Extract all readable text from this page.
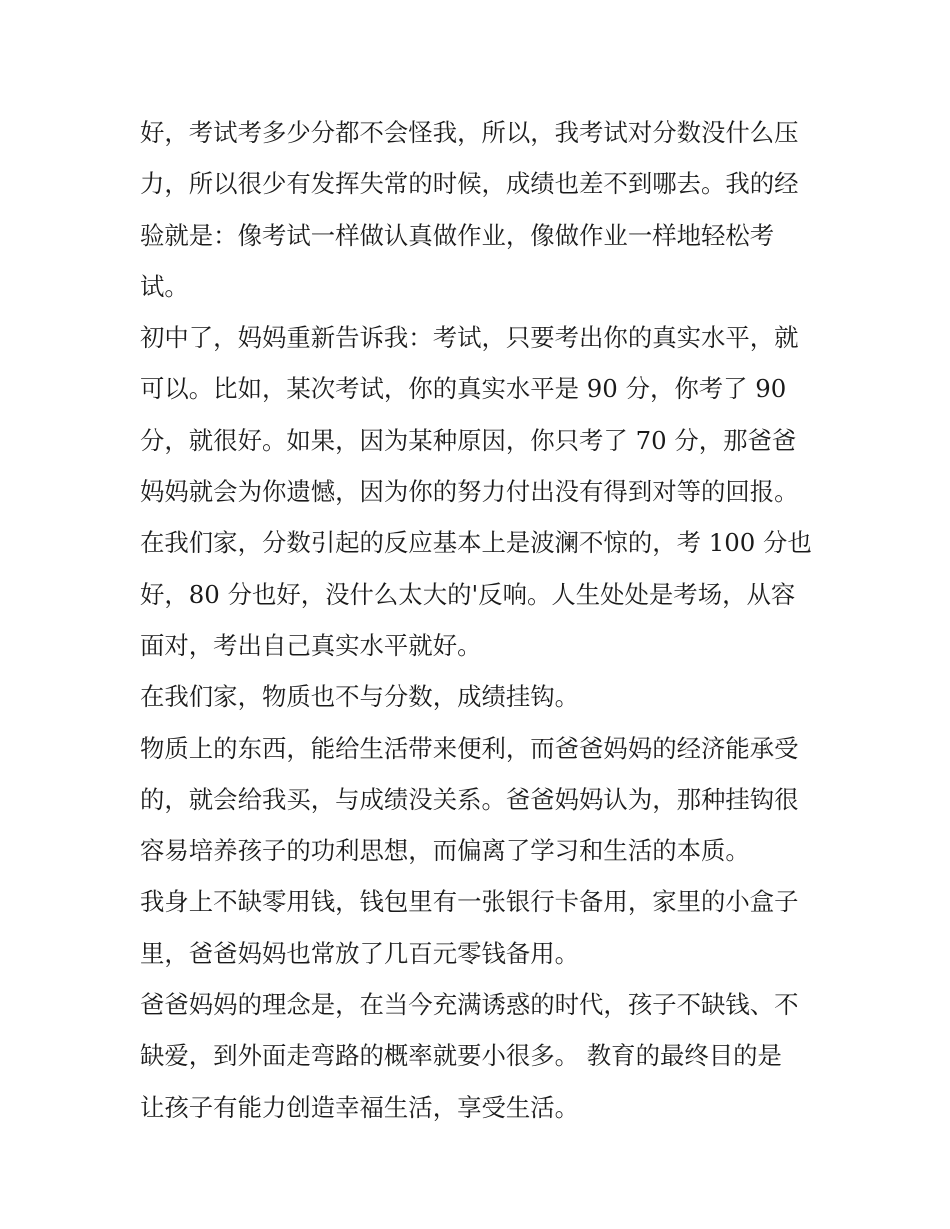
好，考试考多少分都不会怪我，所以，我考试对分数没什么压
力，所以很少有发挥失常的时候，成绩也差不到哪去。我的经
验就是：像考试一样做认真做作业，像做作业一样地轻松考
试。
初中了，妈妈重新告诉我：考试，只要考出你的真实水平，就
可以。比如，某次考试，你的真实水平是 90 分，你考了 90
分，就很好。如果，因为某种原因，你只考了 70 分，那爸爸
妈妈就会为你遗憾，因为你的努力付出没有得到对等的回报。
在我们家，分数引起的反应基本上是波澜不惊的，考 100 分也
好，80 分也好，没什么太大的'反响。人生处处是考场，从容
面对，考出自己真实水平就好。
在我们家，物质也不与分数，成绩挂钩。
物质上的东西，能给生活带来便利，而爸爸妈妈的经济能承受
的，就会给我买，与成绩没关系。爸爸妈妈认为，那种挂钩很
容易培养孩子的功利思想，而偏离了学习和生活的本质。
我身上不缺零用钱，钱包里有一张银行卡备用，家里的小盒子
里，爸爸妈妈也常放了几百元零钱备用。
爸爸妈妈的理念是，在当今充满诱惑的时代，孩子不缺钱、不
缺爱，到外面走弯路的概率就要小很多。 教育的最终目的是
让孩子有能力创造幸福生活，享受生活。
